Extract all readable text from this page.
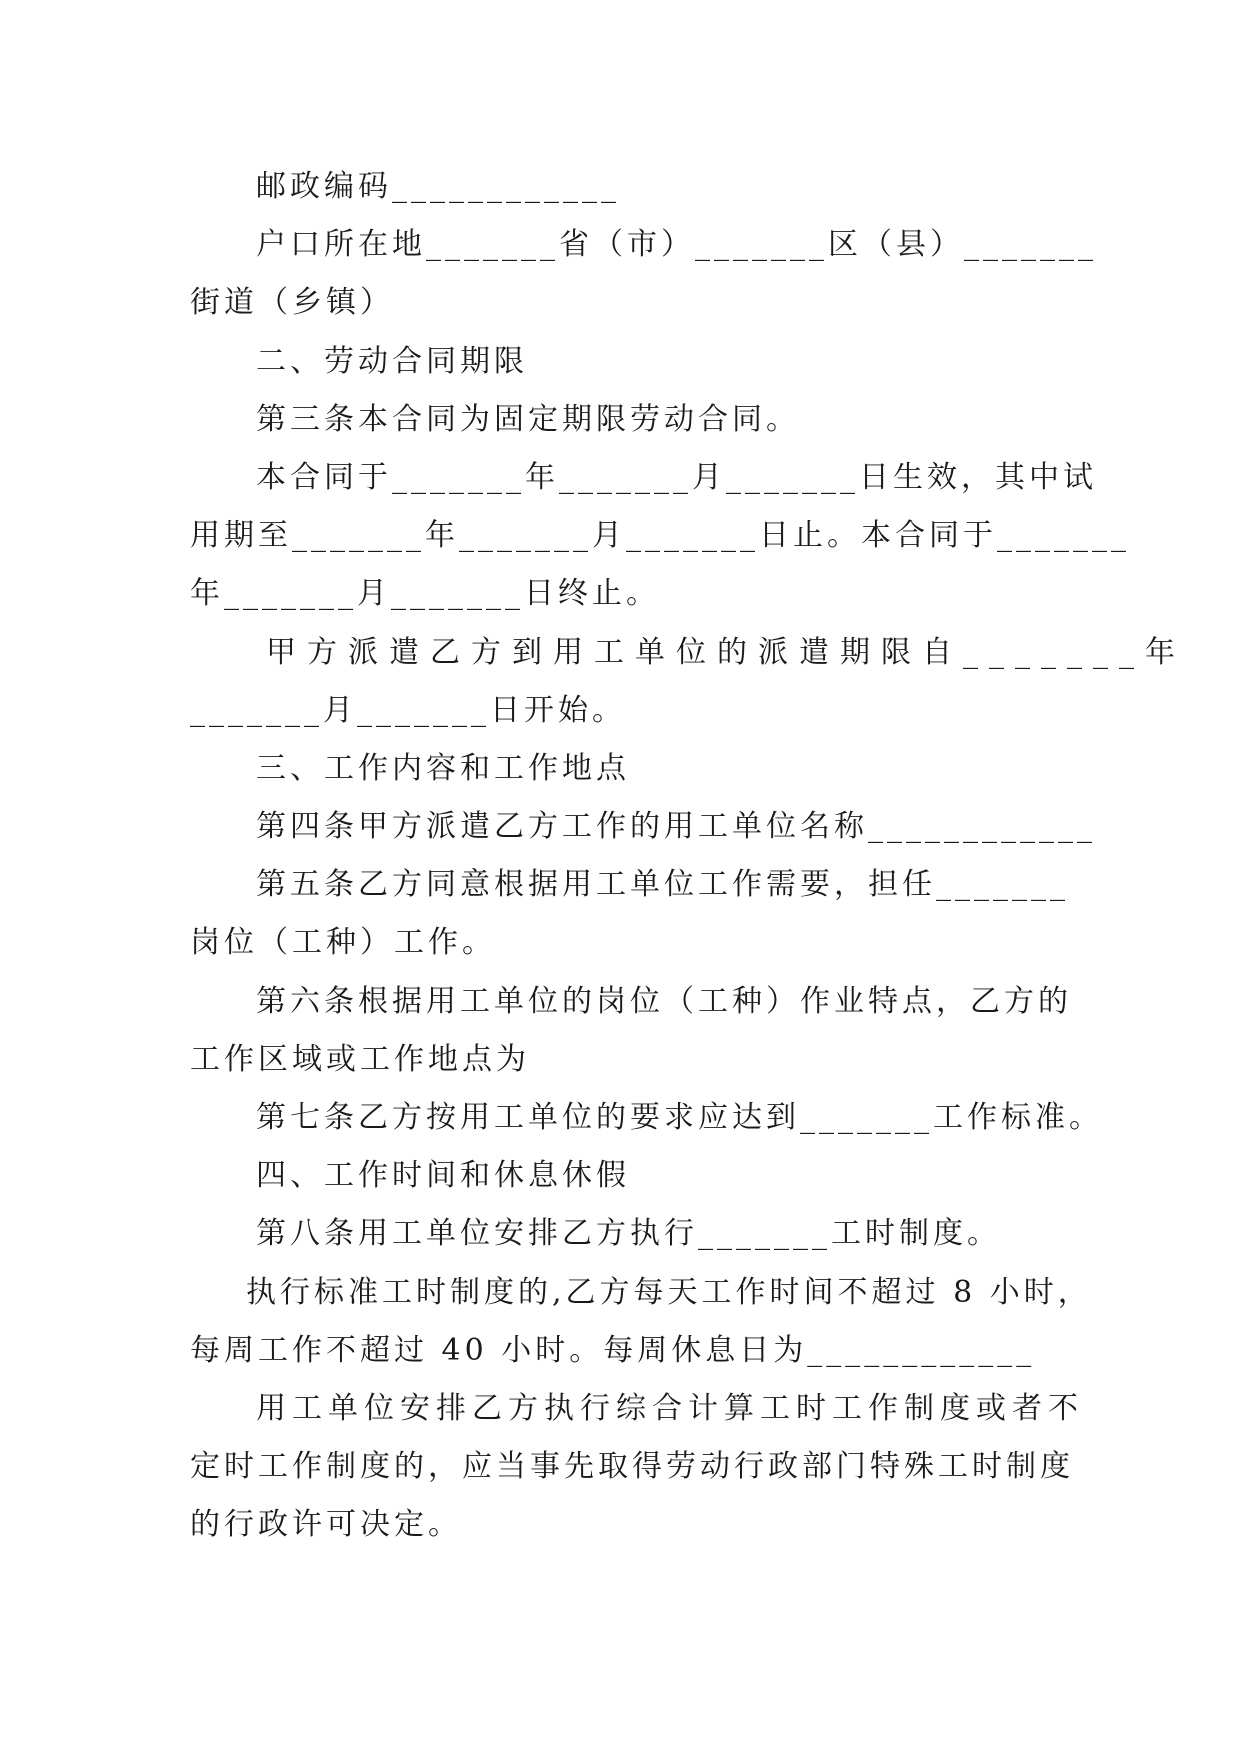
邮政编码____________
户口所在地_______省（市）_______区（县）_______
街道（乡镇）
二、劳动合同期限
第三条本合同为固定期限劳动合同。
本合同于_______年_______月_______日生效，其中试
用期至_______年_______月_______日止。本合同于_______
年_______月_______日终止。
甲方派遣乙方到用工单位的派遣期限自_______年
_______月_______日开始。
三、工作内容和工作地点
第四条甲方派遣乙方工作的用工单位名称____________
第五条乙方同意根据用工单位工作需要，担任_______
岗位（工种）工作。
第六条根据用工单位的岗位（工种）作业特点，乙方的
工作区域或工作地点为
第七条乙方按用工单位的要求应达到_______工作标准。
四、工作时间和休息休假
第八条用工单位安排乙方执行_______工时制度。
执行标准工时制度的,乙方每天工作时间不超过 8 小时，
每周工作不超过 40 小时。每周休息日为____________
用工单位安排乙方执行综合计算工时工作制度或者不
定时工作制度的，应当事先取得劳动行政部门特殊工时制度
的行政许可决定。
